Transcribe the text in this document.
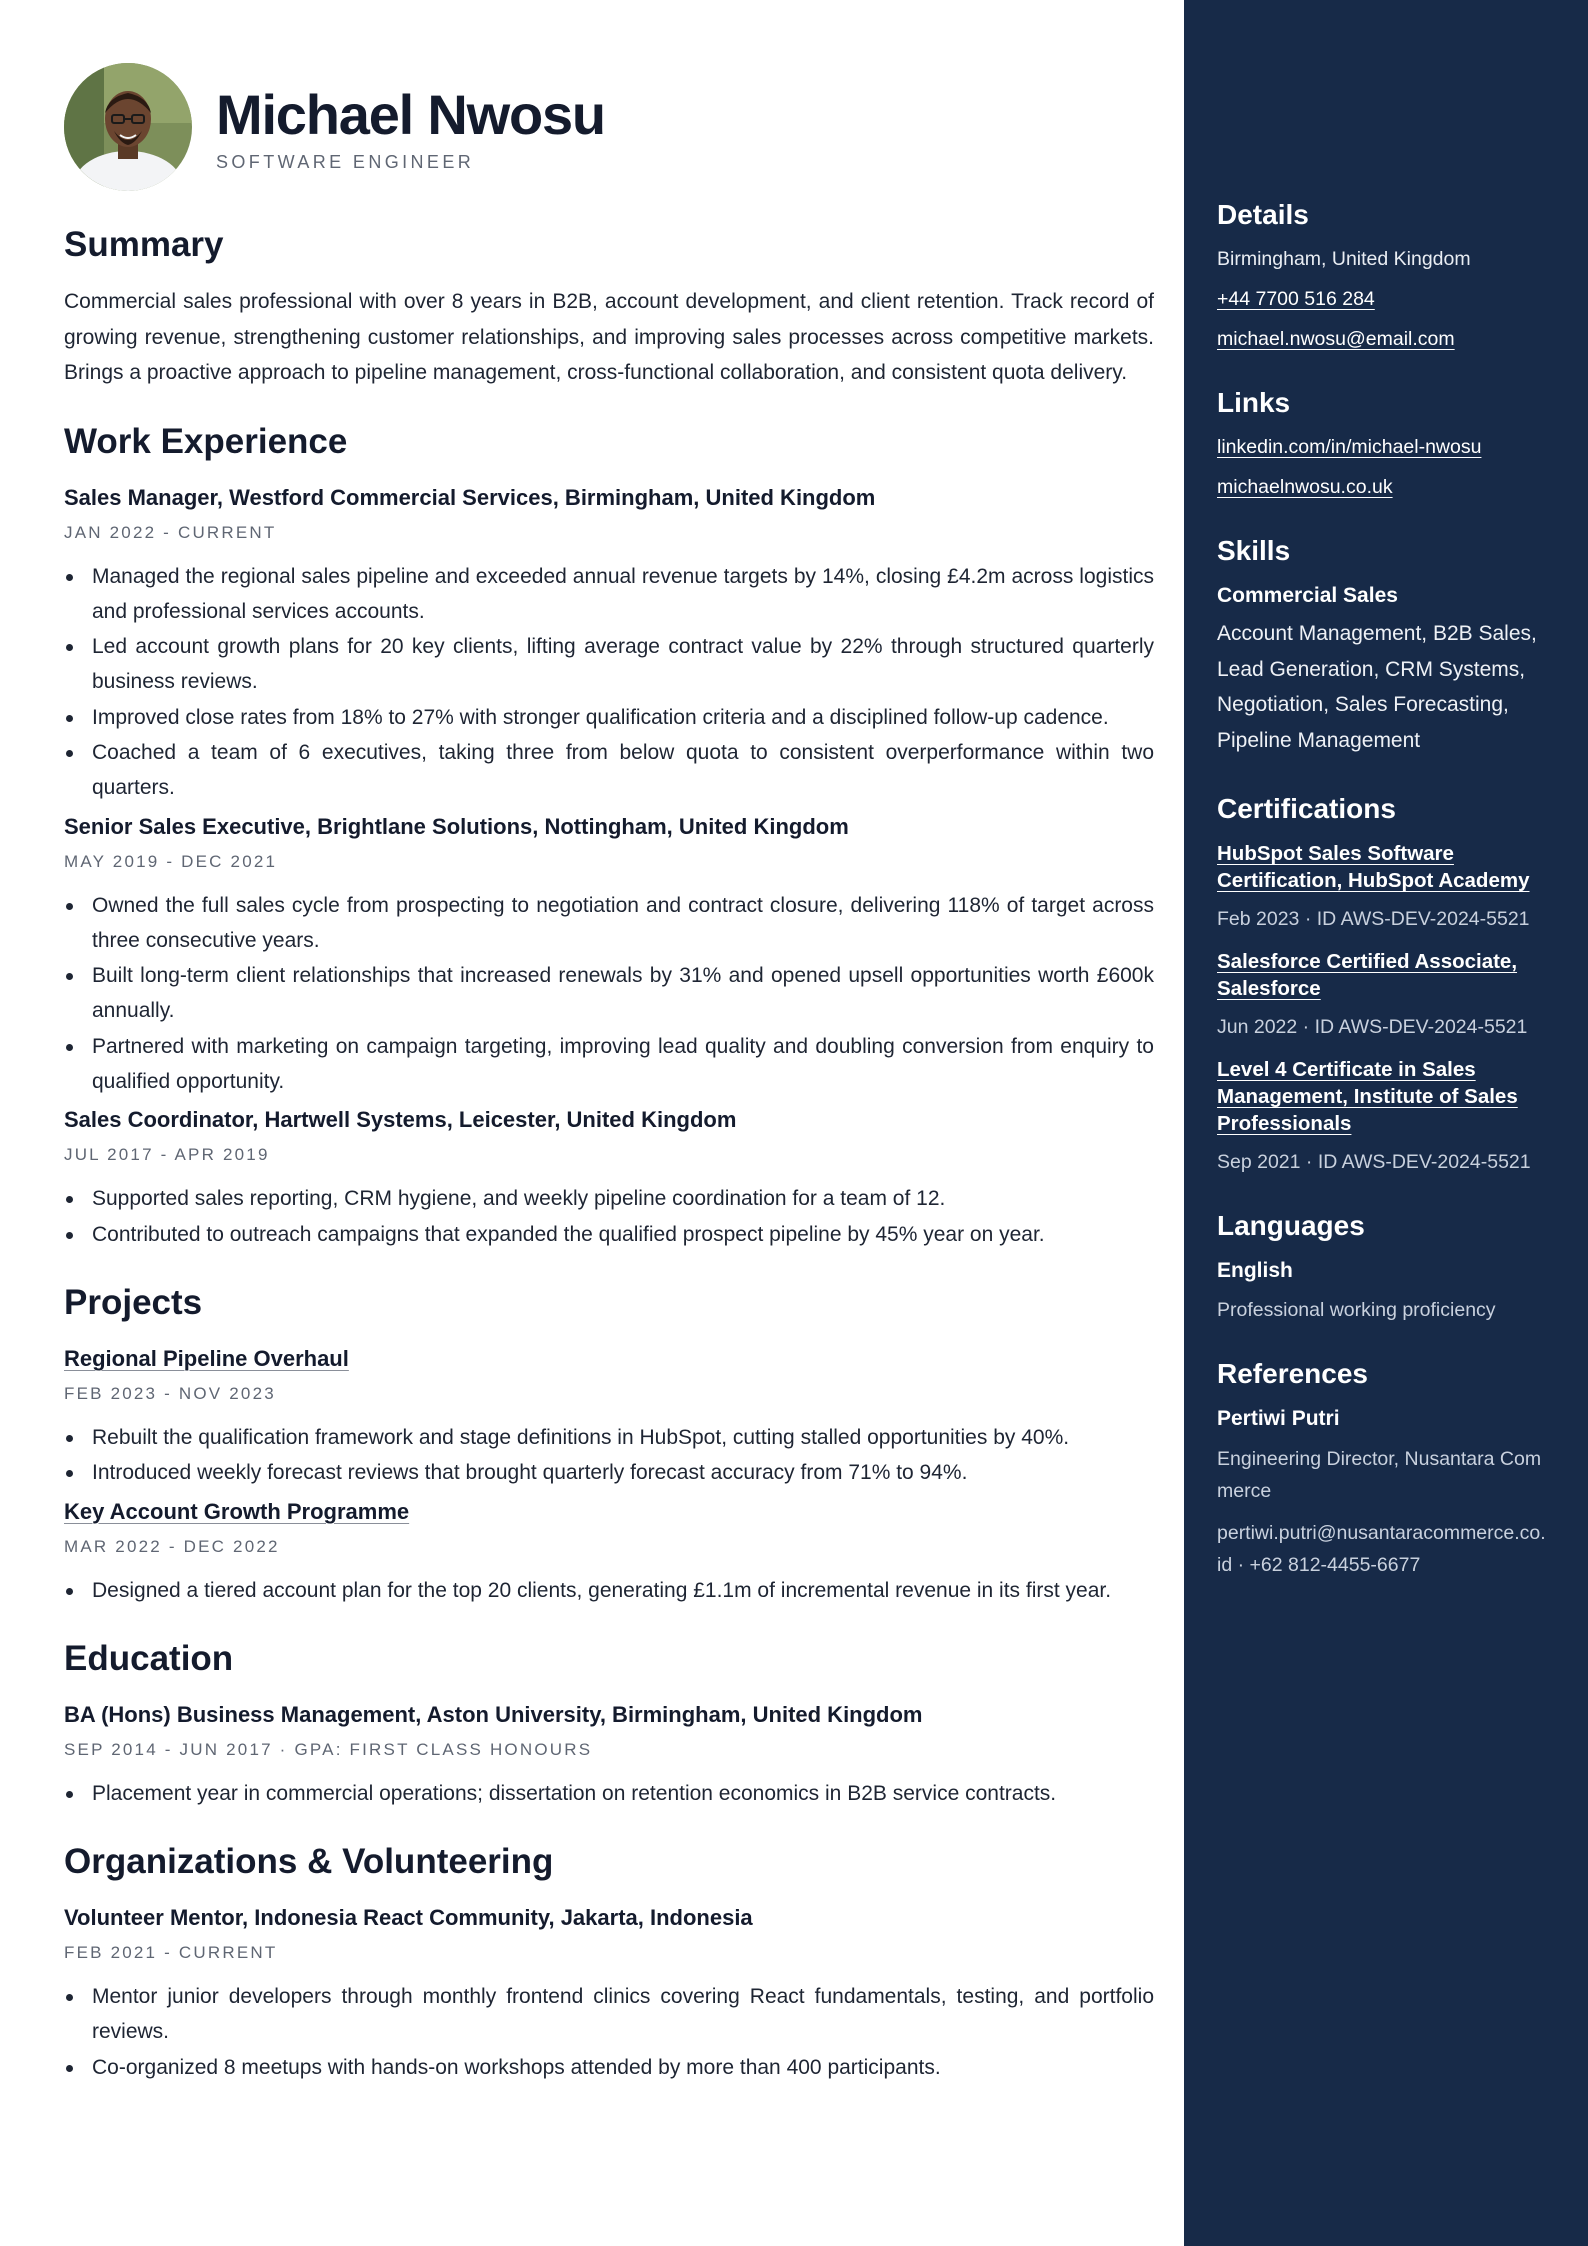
Michael Nwosu
SOFTWARE ENGINEER
Summary

Commercial sales professional with over 8 years in B2B, account development, and client retention. Track record of growing revenue, strengthening customer relationships, and improving sales processes across competitive markets. Brings a proactive approach to pipeline management, cross-functional collaboration, and consistent quota delivery.

Work Experience
Sales Manager, Westford Commercial Services, Birmingham, United Kingdom
JAN 2022 - CURRENT
Managed the regional sales pipeline and exceeded annual revenue targets by 14%, closing £4.2m across logistics and professional services accounts.
Led account growth plans for 20 key clients, lifting average contract value by 22% through structured quarterly business reviews.
Improved close rates from 18% to 27% with stronger qualification criteria and a disciplined follow-up cadence.
Coached a team of 6 executives, taking three from below quota to consistent overperformance within two quarters.
Senior Sales Executive, Brightlane Solutions, Nottingham, United Kingdom
MAY 2019 - DEC 2021
Owned the full sales cycle from prospecting to negotiation and contract closure, delivering 118% of target across three consecutive years.
Built long-term client relationships that increased renewals by 31% and opened upsell opportunities worth £600k annually.
Partnered with marketing on campaign targeting, improving lead quality and doubling conversion from enquiry to qualified opportunity.
Sales Coordinator, Hartwell Systems, Leicester, United Kingdom
JUL 2017 - APR 2019
Supported sales reporting, CRM hygiene, and weekly pipeline coordination for a team of 12.
Contributed to outreach campaigns that expanded the qualified prospect pipeline by 45% year on year.
Projects
Regional Pipeline Overhaul
FEB 2023 - NOV 2023
Rebuilt the qualification framework and stage definitions in HubSpot, cutting stalled opportunities by 40%.
Introduced weekly forecast reviews that brought quarterly forecast accuracy from 71% to 94%.
Key Account Growth Programme
MAR 2022 - DEC 2022
Designed a tiered account plan for the top 20 clients, generating £1.1m of incremental revenue in its first year.
Education
BA (Hons) Business Management, Aston University, Birmingham, United Kingdom
SEP 2014 - JUN 2017 · GPA: FIRST CLASS HONOURS
Placement year in commercial operations; dissertation on retention economics in B2B service contracts.
Organizations & Volunteering
Volunteer Mentor, Indonesia React Community, Jakarta, Indonesia
FEB 2021 - CURRENT
Mentor junior developers through monthly frontend clinics covering React fundamentals, testing, and portfolio reviews.
Co-organized 8 meetups with hands-on workshops attended by more than 400 participants.
Details
Birmingham, United Kingdom
+44 7700 516 284
michael.nwosu@email.com
Links
linkedin.com/in/michael-nwosu
michaelnwosu.co.uk
Skills
Commercial Sales
Account Management, B2B Sales, Lead Generation, CRM Systems, Negotiation, Sales Forecasting, Pipeline Management
Certifications
HubSpot Sales Software Certification, HubSpot Academy
Feb 2023 · ID AWS-DEV-2024-5521
Salesforce Certified Associate, Salesforce
Jun 2022 · ID AWS-DEV-2024-5521
Level 4 Certificate in Sales Management, Institute of Sales Professionals
Sep 2021 · ID AWS-DEV-2024-5521
Languages
English
Professional working proficiency
References
Pertiwi Putri
Engineering Director, Nusantara Commerce
pertiwi.putri@nusantaracommerce.co.id · +62 812-4455-6677
